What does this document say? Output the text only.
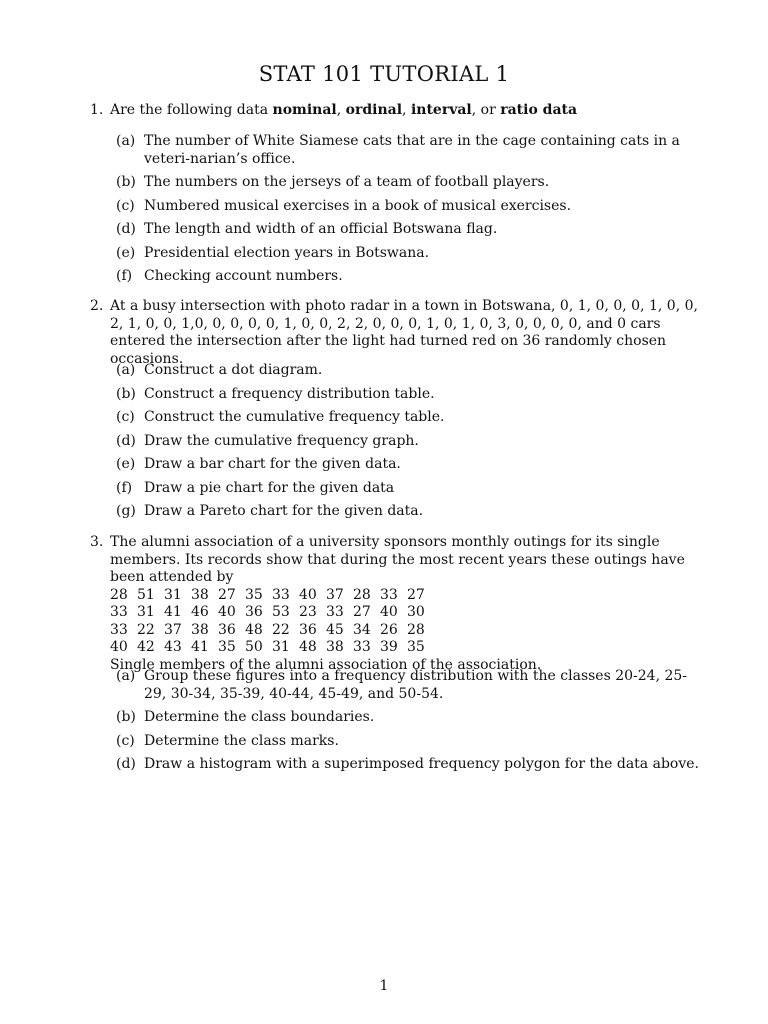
STAT 101 TUTORIAL 1
1. Are the following data nominal, ordinal, interval, or ratio data
(a) The number of White Siamese cats that are in the cage containing cats in a veteri-narian’s office.
(b) The numbers on the jerseys of a team of football players.
(c) Numbered musical exercises in a book of musical exercises.
(d) The length and width of an official Botswana flag.
(e) Presidential election years in Botswana.
(f) Checking account numbers.
2. At a busy intersection with photo radar in a town in Botswana, 0, 1, 0, 0, 0, 1, 0, 0, 2, 1, 0, 0, 1,0, 0, 0, 0, 0, 1, 0, 0, 2, 2, 0, 0, 0, 1, 0, 1, 0, 3, 0, 0, 0, 0, and 0 cars entered the intersection after the light had turned red on 36 randomly chosen occasions.
(a) Construct a dot diagram.
(b) Construct a frequency distribution table.
(c) Construct the cumulative frequency table.
(d) Draw the cumulative frequency graph.
(e) Draw a bar chart for the given data.
(f) Draw a pie chart for the given data
(g) Draw a Pareto chart for the given data.
3. The alumni association of a university sponsors monthly outings for its single members. Its records show that during the most recent years these outings have been attended by
28	51	31	38	27	35	33	40	37	28	33	27
33	31	41	46	40	36	53	23	33	27	40	30
33	22	37	38	36	48	22	36	45	34	26	28
40	42	43	41	35	50	31	48	38	33	39	35
Single members of the alumni association of the association.
(a) Group these figures into a frequency distribution with the classes 20-24, 25-29, 30-34, 35-39, 40-44, 45-49, and 50-54.
(b) Determine the class boundaries.
(c) Determine the class marks.
(d) Draw a histogram with a superimposed frequency polygon for the data above.
1
